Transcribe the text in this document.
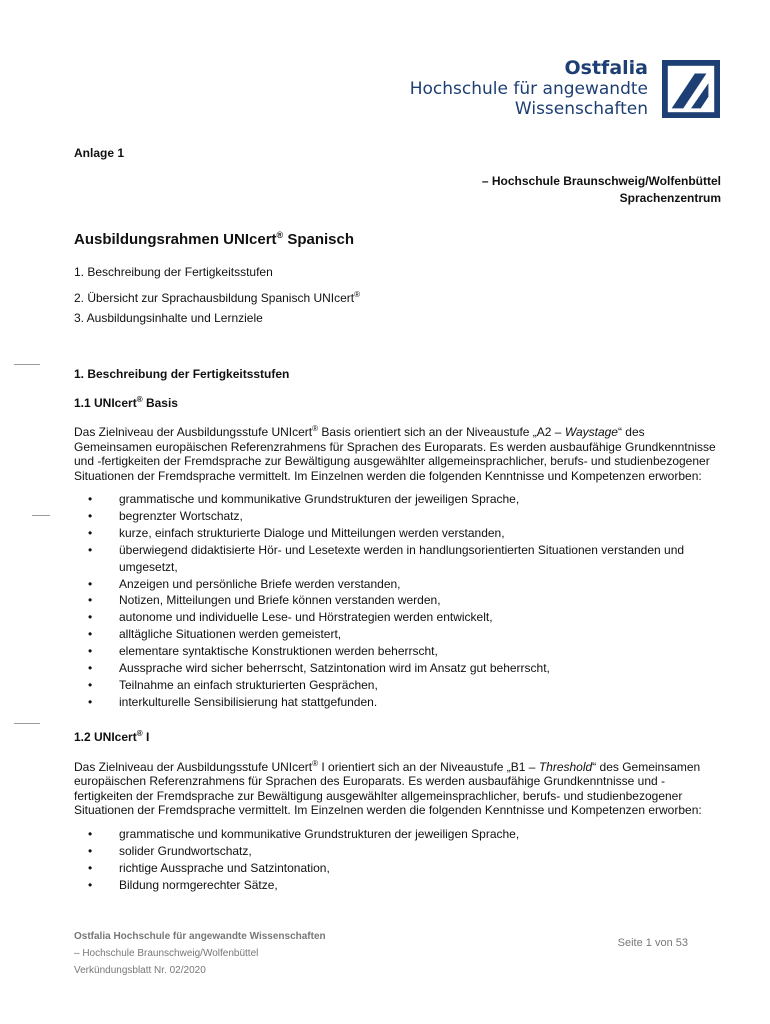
Ostfalia
Hochschule für angewandte
Wissenschaften
Anlage 1
– Hochschule Braunschweig/Wolfenbüttel
Sprachenzentrum
Ausbildungsrahmen UNIcert® Spanisch
1. Beschreibung der Fertigkeitsstufen
2. Übersicht zur Sprachausbildung Spanisch UNIcert®
3. Ausbildungsinhalte und Lernziele
1. Beschreibung der Fertigkeitsstufen
1.1 UNIcert® Basis
Das Zielniveau der Ausbildungsstufe UNIcert® Basis orientiert sich an der Niveaustufe „A2 – Waystage“ des Gemeinsamen europäischen Referenzrahmens für Sprachen des Europarats. Es werden ausbaufähige Grundkenntnisse und -fertigkeiten der Fremdsprache zur Bewältigung ausgewählter allgemeinsprachlicher, berufs- und studienbezogener Situationen der Fremdsprache vermittelt. Im Einzelnen werden die folgenden Kenntnisse und Kompetenzen erworben:
• grammatische und kommunikative Grundstrukturen der jeweiligen Sprache,
• begrenzter Wortschatz,
• kurze, einfach strukturierte Dialoge und Mitteilungen werden verstanden,
• überwiegend didaktisierte Hör- und Lesetexte werden in handlungsorientierten Situationen verstanden und umgesetzt,
• Anzeigen und persönliche Briefe werden verstanden,
• Notizen, Mitteilungen und Briefe können verstanden werden,
• autonome und individuelle Lese- und Hörstrategien werden entwickelt,
• alltägliche Situationen werden gemeistert,
• elementare syntaktische Konstruktionen werden beherrscht,
• Aussprache wird sicher beherrscht, Satzintonation wird im Ansatz gut beherrscht,
• Teilnahme an einfach strukturierten Gesprächen,
• interkulturelle Sensibilisierung hat stattgefunden.
1.2 UNIcert® I
Das Zielniveau der Ausbildungsstufe UNIcert® I orientiert sich an der Niveaustufe „B1 – Threshold“ des Gemeinsamen europäischen Referenzrahmens für Sprachen des Europarats. Es werden ausbaufähige Grundkenntnisse und -fertigkeiten der Fremdsprache zur Bewältigung ausgewählter allgemeinsprachlicher, berufs- und studienbezogener Situationen der Fremdsprache vermittelt. Im Einzelnen werden die folgenden Kenntnisse und Kompetenzen erworben:
• grammatische und kommunikative Grundstrukturen der jeweiligen Sprache,
• solider Grundwortschatz,
• richtige Aussprache und Satzintonation,
• Bildung normgerechter Sätze,
Ostfalia Hochschule für angewandte Wissenschaften
– Hochschule Braunschweig/Wolfenbüttel
Verkündungsblatt Nr. 02/2020
Seite 1 von 53
